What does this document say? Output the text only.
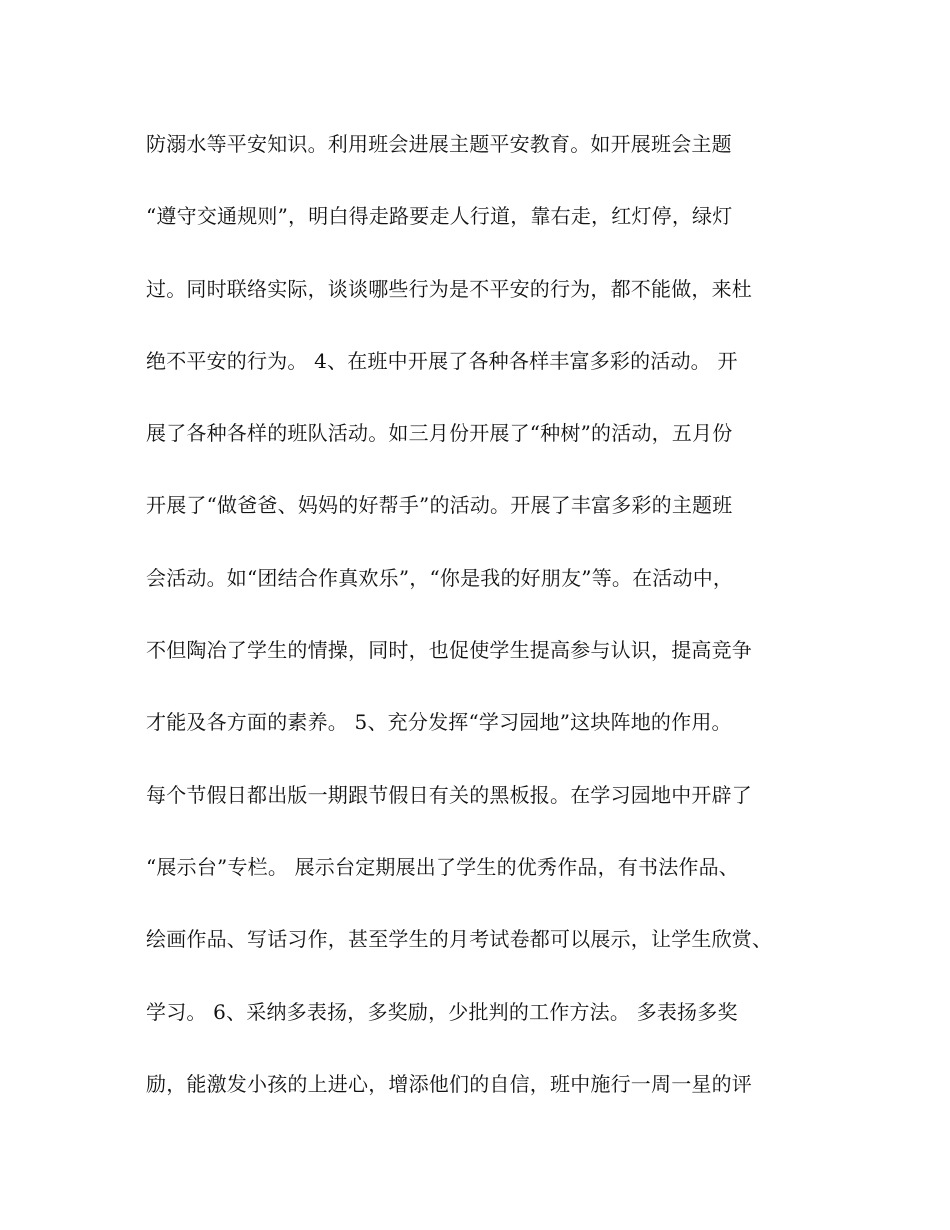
防溺水等平安知识。利用班会进展主题平安教育。如开展班会主题
“遵守交通规则”，明白得走路要走人行道，靠右走，红灯停，绿灯
过。同时联络实际，谈谈哪些行为是不平安的行为，都不能做，来杜
绝不平安的行为。 4、在班中开展了各种各样丰富多彩的活动。 开
展了各种各样的班队活动。如三月份开展了“种树”的活动，五月份
开展了“做爸爸、妈妈的好帮手”的活动。开展了丰富多彩的主题班
会活动。如“团结合作真欢乐”，“你是我的好朋友”等。在活动中，
不但陶冶了学生的情操，同时，也促使学生提高参与认识，提高竞争
才能及各方面的素养。 5、充分发挥“学习园地”这块阵地的作用。
每个节假日都出版一期跟节假日有关的黑板报。在学习园地中开辟了
“展示台”专栏。 展示台定期展出了学生的优秀作品，有书法作品、
绘画作品、写话习作，甚至学生的月考试卷都可以展示，让学生欣赏、
学习。 6、采纳多表扬，多奖励，少批判的工作方法。 多表扬多奖
励，能激发小孩的上进心，增添他们的自信，班中施行一周一星的评
